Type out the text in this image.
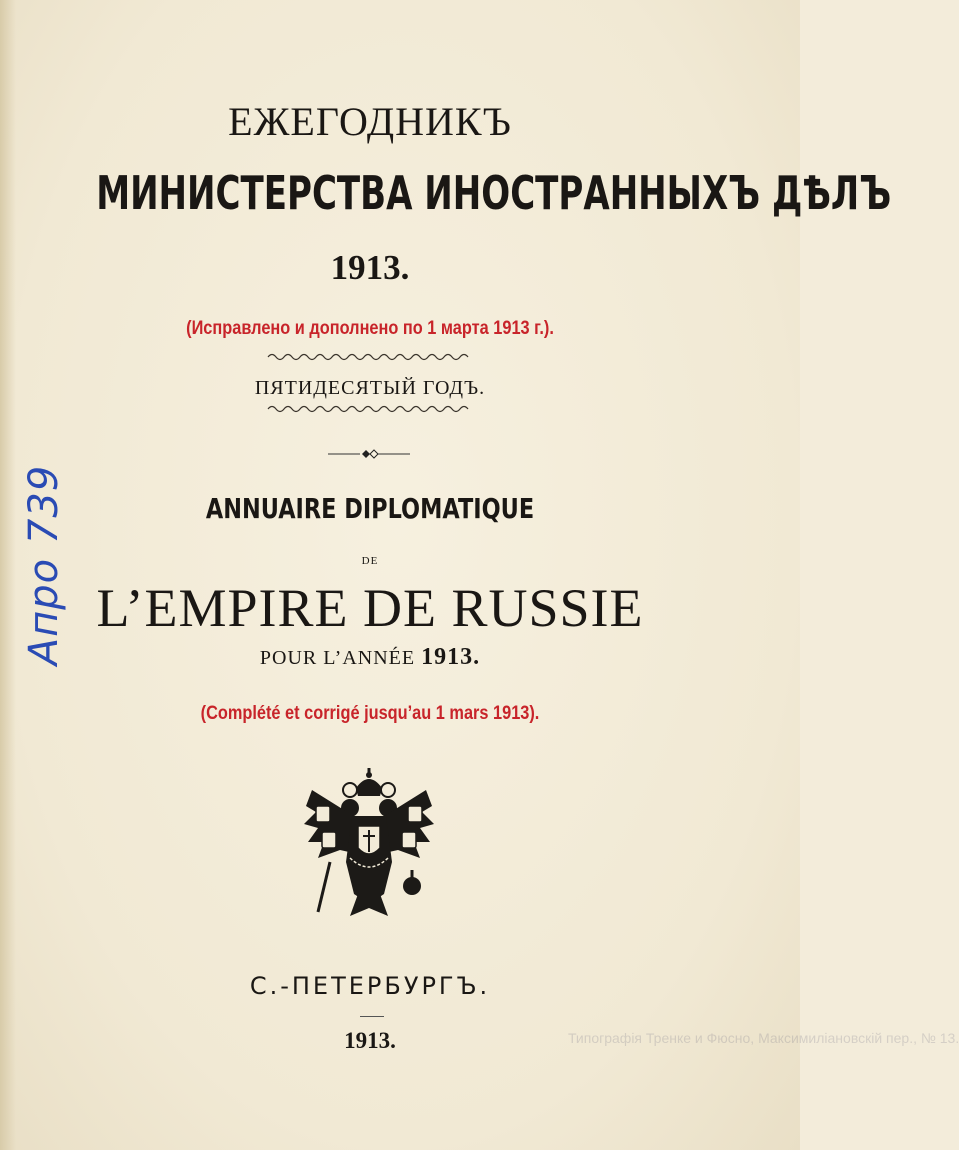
ЕЖЕГОДНИКЪ
МИНИСТЕРСТВА ИНОСТРАННЫХЪ ДѢЛЪ
1913.
(Исправлено и дополнено по 1 марта 1913 г.).
ПЯТИДЕСЯТЫЙ ГОДЪ.
ANNUAIRE DIPLOMATIQUE
DE
L’EMPIRE DE RUSSIE
POUR L’ANNÉE 1913.
(Complété et corrigé jusqu’au 1 mars 1913).
С.-ПЕТЕРБУРГЪ.
1913.	Типографія Тренке и Фюсно, Максимиліановскій пер., № 13.
Апро 739
